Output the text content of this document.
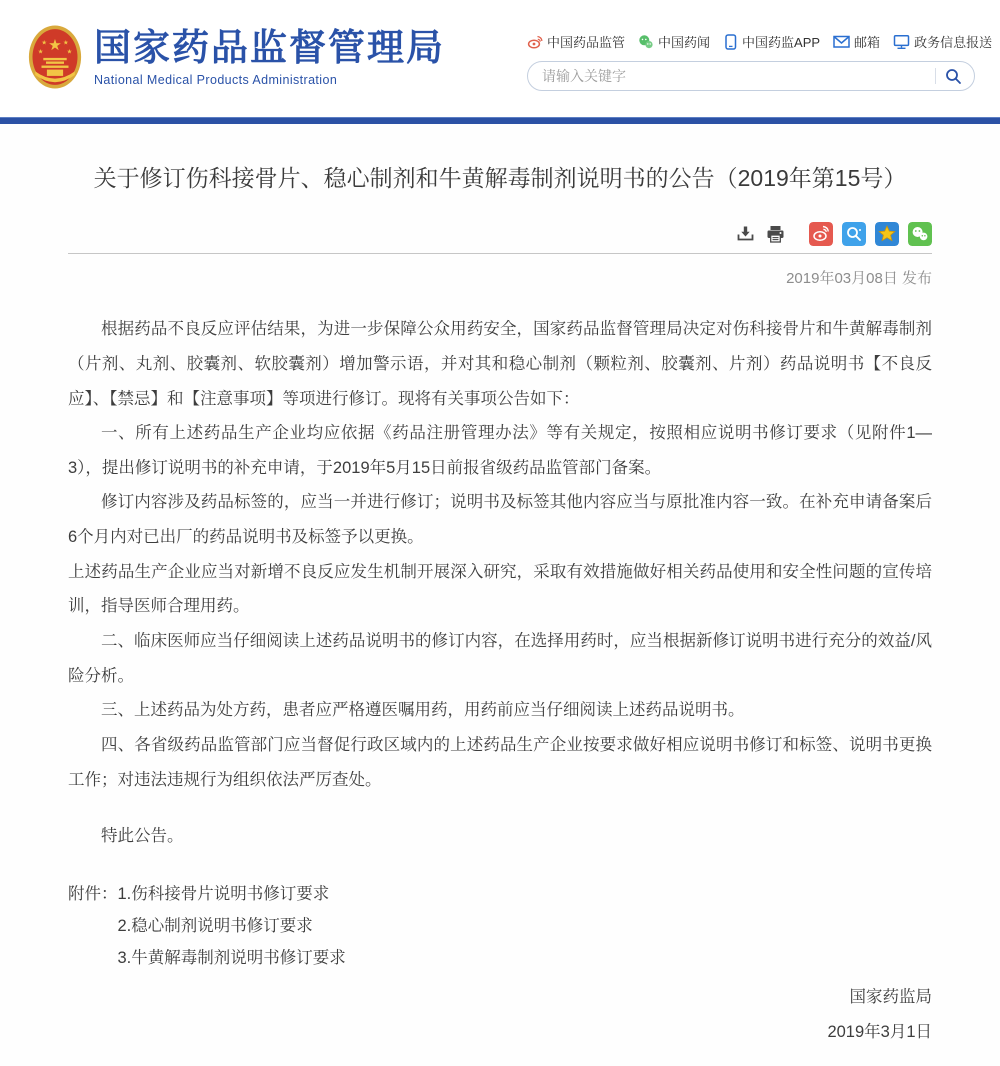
★
★ ★
★	★ 国家药品监督管理局
National Medical Products Administration
中国药品监管	中国药闻 中国药监APP	邮箱	政务信息报送
请输入关键字
关于修订伤科接骨片、稳心制剂和牛黄解毒制剂说明书的公告（2019年第15号）
2019年03月08日 发布

根据药品不良反应评估结果，为进一步保障公众用药安全，国家药品监督管理局决定对伤科接骨片和牛黄解毒制剂（片剂、丸剂、胶囊剂、软胶囊剂）增加警示语，并对其和稳心制剂（颗粒剂、胶囊剂、片剂）药品说明书【不良反应】、【禁忌】和【注意事项】等项进行修订。现将有关事项公告如下：

一、所有上述药品生产企业均应依据《药品注册管理办法》等有关规定，按照相应说明书修订要求（见附件1—3），提出修订说明书的补充申请，于2019年5月15日前报省级药品监管部门备案。

修订内容涉及药品标签的，应当一并进行修订；说明书及标签其他内容应当与原批准内容一致。在补充申请备案后6个月内对已出厂的药品说明书及标签予以更换。

上述药品生产企业应当对新增不良反应发生机制开展深入研究，采取有效措施做好相关药品使用和安全性问题的宣传培训，指导医师合理用药。

二、临床医师应当仔细阅读上述药品说明书的修订内容，在选择用药时，应当根据新修订说明书进行充分的效益/风险分析。

三、上述药品为处方药，患者应严格遵医嘱用药，用药前应当仔细阅读上述药品说明书。

四、各省级药品监管部门应当督促行政区域内的上述药品生产企业按要求做好相应说明书修订和标签、说明书更换工作；对违法违规行为组织依法严厉查处。

特此公告。

附件： 1.伤科接骨片说明书修订要求
2.稳心制剂说明书修订要求
3.牛黄解毒制剂说明书修订要求
国家药监局
2019年3月1日
